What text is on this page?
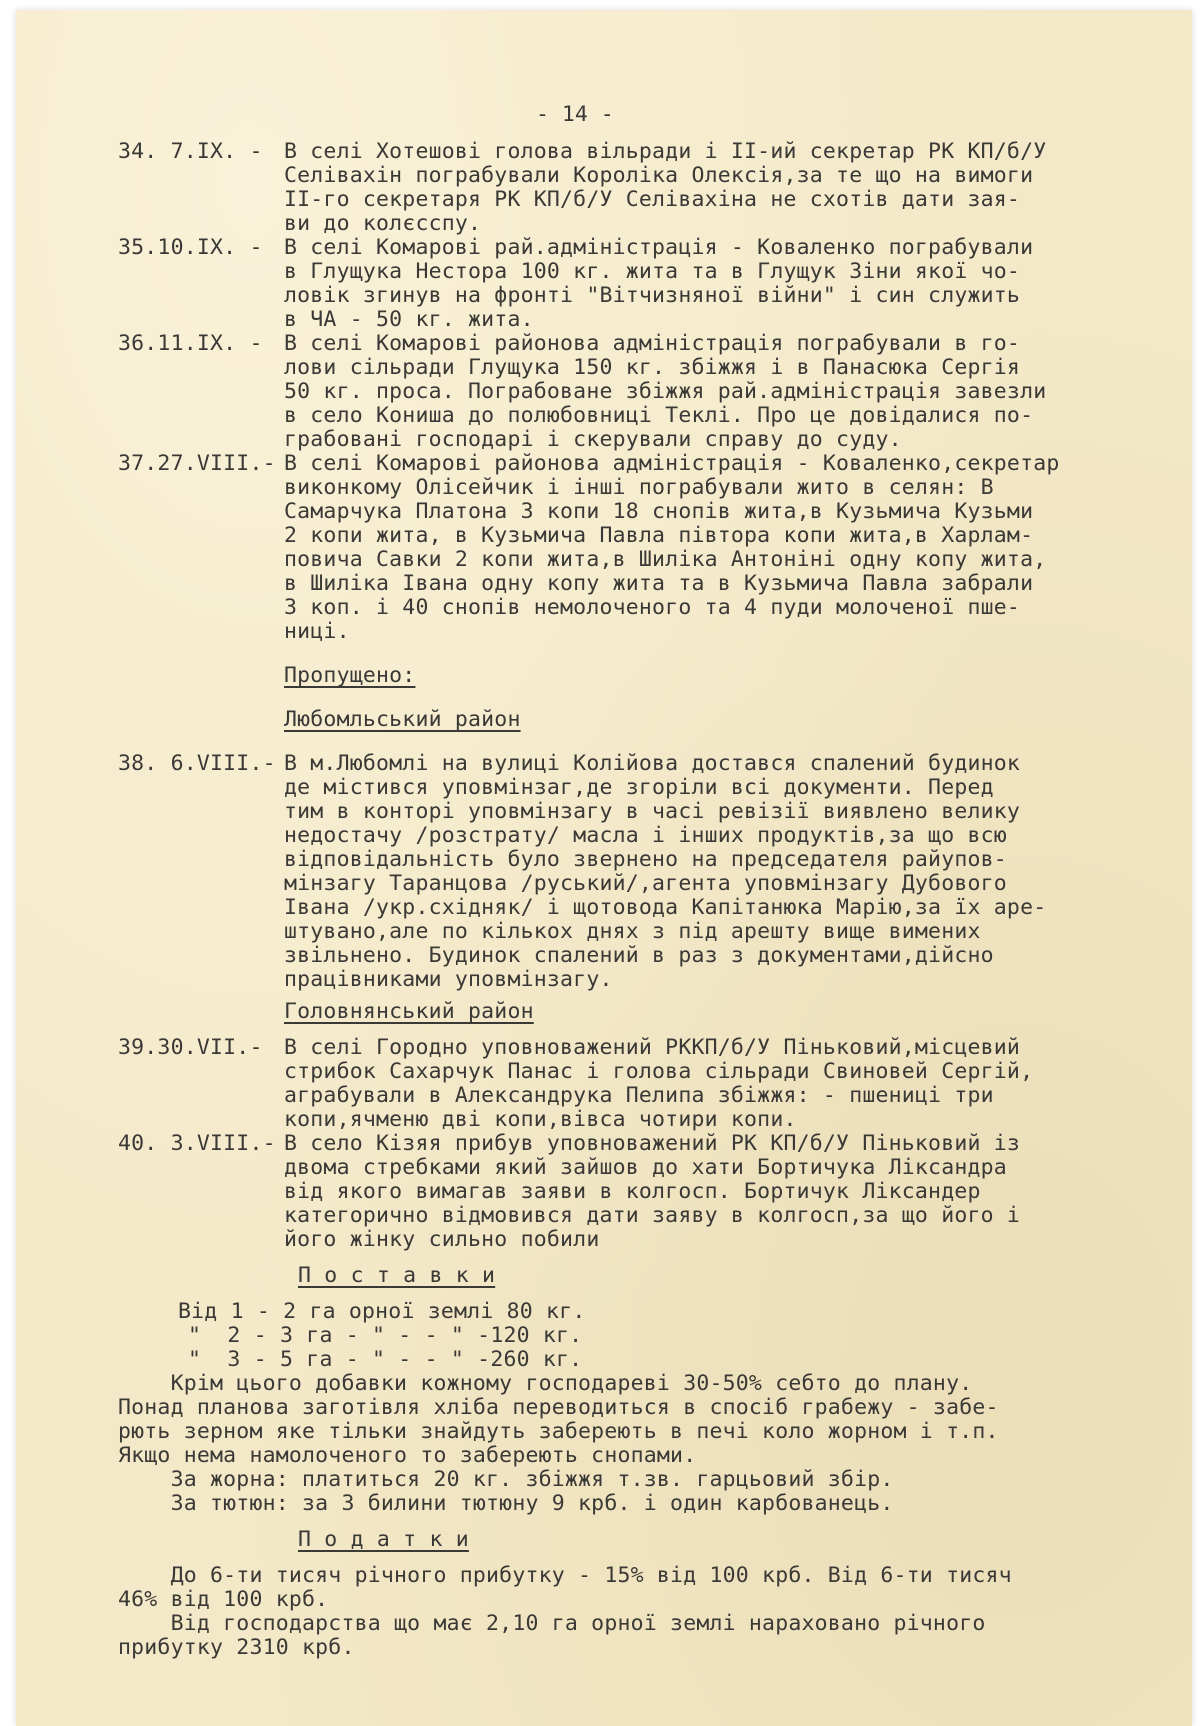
- 14 -
34. 7.IX. - В селі Хотешові голова вільради і ІІ-ий секретар РК КП/б/У
Селівахін пограбували Короліка Олексія,за те що на вимоги
ІІ-го секретаря РК КП/б/У Селівахіна не схотів дати зая-
ви до колєсспу.
35.10.IX. - В селі Комарові рай.адміністрація - Коваленко пограбували
в Глущука Нестора 100 кг. жита та в Глущук Зіни якої чо-
ловік згинув на фронті "Вітчизняної війни" і син служить
в ЧА - 50 кг. жита.
36.11.IX. - В селі Комарові районова адміністрація пограбували в го-
лови сільради Глущука 150 кг. збіжжя і в Панасюка Сергія
50 кг. проса. Пограбоване збіжжя рай.адміністрація завезли
в село Кониша до полюбовниці Теклі. Про це довідалися по-
грабовані господарі і скерували справу до суду.
37.27.VIII.- В селі Комарові районова адміністрація - Коваленко,секретар
виконкому Олісейчик і інші пограбували жито в селян: В
Самарчука Платона 3 копи 18 снопів жита,в Кузьмича Кузьми
2 копи жита, в Кузьмича Павла півтора копи жита,в Харлам-
повича Савки 2 копи жита,в Шиліка Антоніні одну копу жита,
в Шиліка Івана одну копу жита та в Кузьмича Павла забрали
3 коп. і 40 снопів немолоченого та 4 пуди молоченої пше-
ниці.
Пропущено:
Любомльський район
38. 6.VIII.- В м.Любомлі на вулиці Колійова достався спалений будинок
де містився уповмінзаг,де згоріли всі документи. Перед
тим в конторі уповмінзагу в часі ревізії виявлено велику
недостачу /розстрату/ масла і інших продуктів,за що всю
відповідальність було звернено на председателя райупов-
мінзагу Таранцова /руський/,агента уповмінзагу Дубового
Івана /укр.східняк/ і щотовода Капітанюка Марію,за їх аре-
штувано,але по кількох днях з під арешту вище вимених
звільнено. Будинок спалений в раз з документами,дійсно
працівниками уповмінзагу.
Головнянський район
39.30.VII.- В селі Городно уповноважений РККП/б/У Піньковий,місцевий
стрибок Сахарчук Панас і голова сільради Свиновей Сергій,
аграбували в Александрука Пелипа збіжжя: - пшениці три
копи,ячменю дві копи,вівса чотири копи.
40. 3.VIII.- В село Кізяя прибув уповноважений РК КП/б/У Піньковий із
двома стребками який зайшов до хати Бортичука Ліксандра
від якого вимагав заяви в колгосп. Бортичук Ліксандер
категорично відмовився дати заяву в колгосп,за що його і
його жінку сильно побили
П о с т а в к и
Від 1 - 2 га орної землі 80 кг.
"  2 - 3 га - " - - " -120 кг.
"  3 - 5 га - " - - " -260 кг.
Крім цього добавки кожному господареві 30-50% себто до плану.
Понад планова заготівля хліба переводиться в спосіб грабежу - забе-
рють зерном яке тільки знайдуть забереють в печі коло жорном і т.п.
Якщо нема намолоченого то забереють снопами.
За жорна: платиться 20 кг. збіжжя т.зв. гарцьовий збір.
За тютюн: за 3 билини тютюну 9 крб. і один карбованець.
П о д а т к и
До 6-ти тисяч річного прибутку - 15% від 100 крб. Від 6-ти тисяч
46% від 100 крб.
Від господарства що має 2,10 га орної землі нараховано річного
прибутку 2310 крб.
